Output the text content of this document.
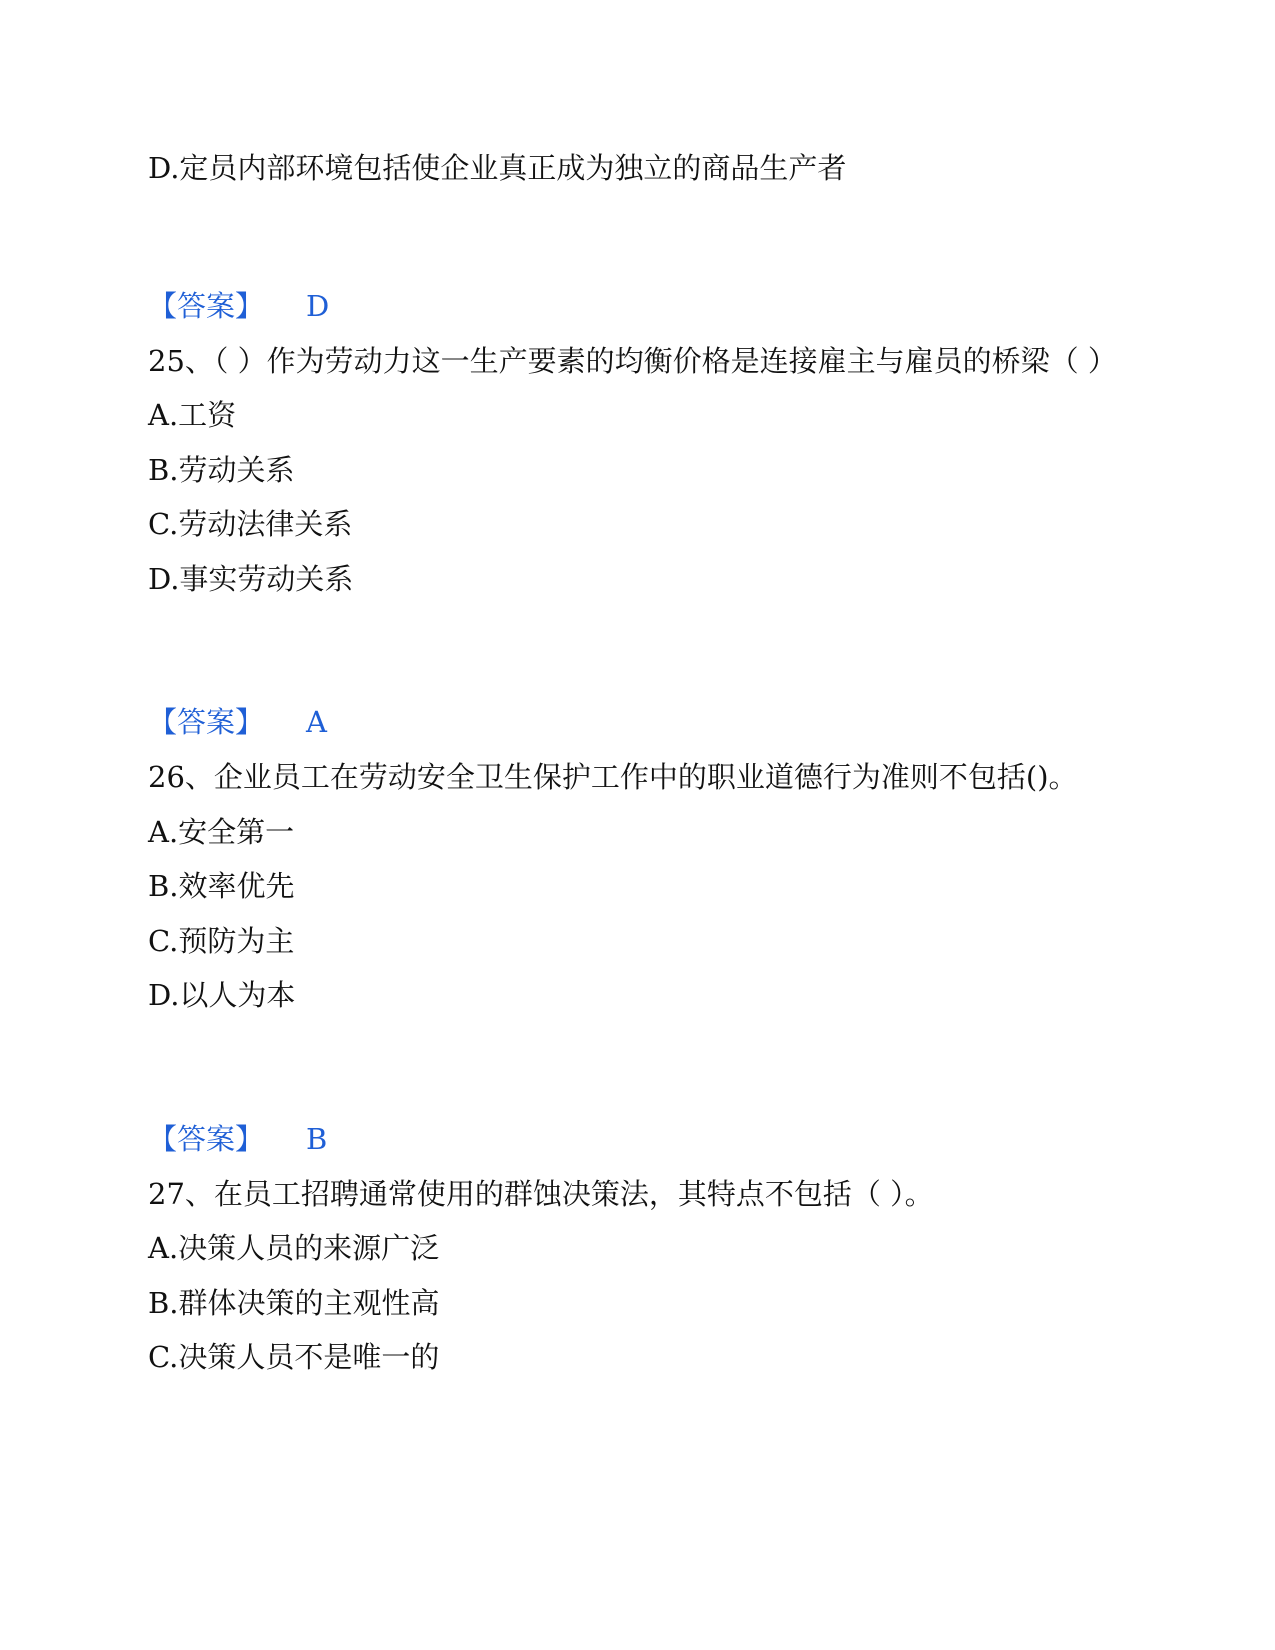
D.定员内部环境包括使企业真正成为独立的商品生产者
【答案】 D
25、（ ）作为劳动力这一生产要素的均衡价格是连接雇主与雇员的桥梁（ ）
A.工资
B.劳动关系
C.劳动法律关系
D.事实劳动关系
【答案】 A
26、企业员工在劳动安全卫生保护工作中的职业道德行为准则不包括()。
A.安全第一
B.效率优先
C.预防为主
D.以人为本
【答案】 B
27、在员工招聘通常使用的群蚀决策法，其特点不包括（ ）。
A.决策人员的来源广泛
B.群体决策的主观性高
C.决策人员不是唯一的
